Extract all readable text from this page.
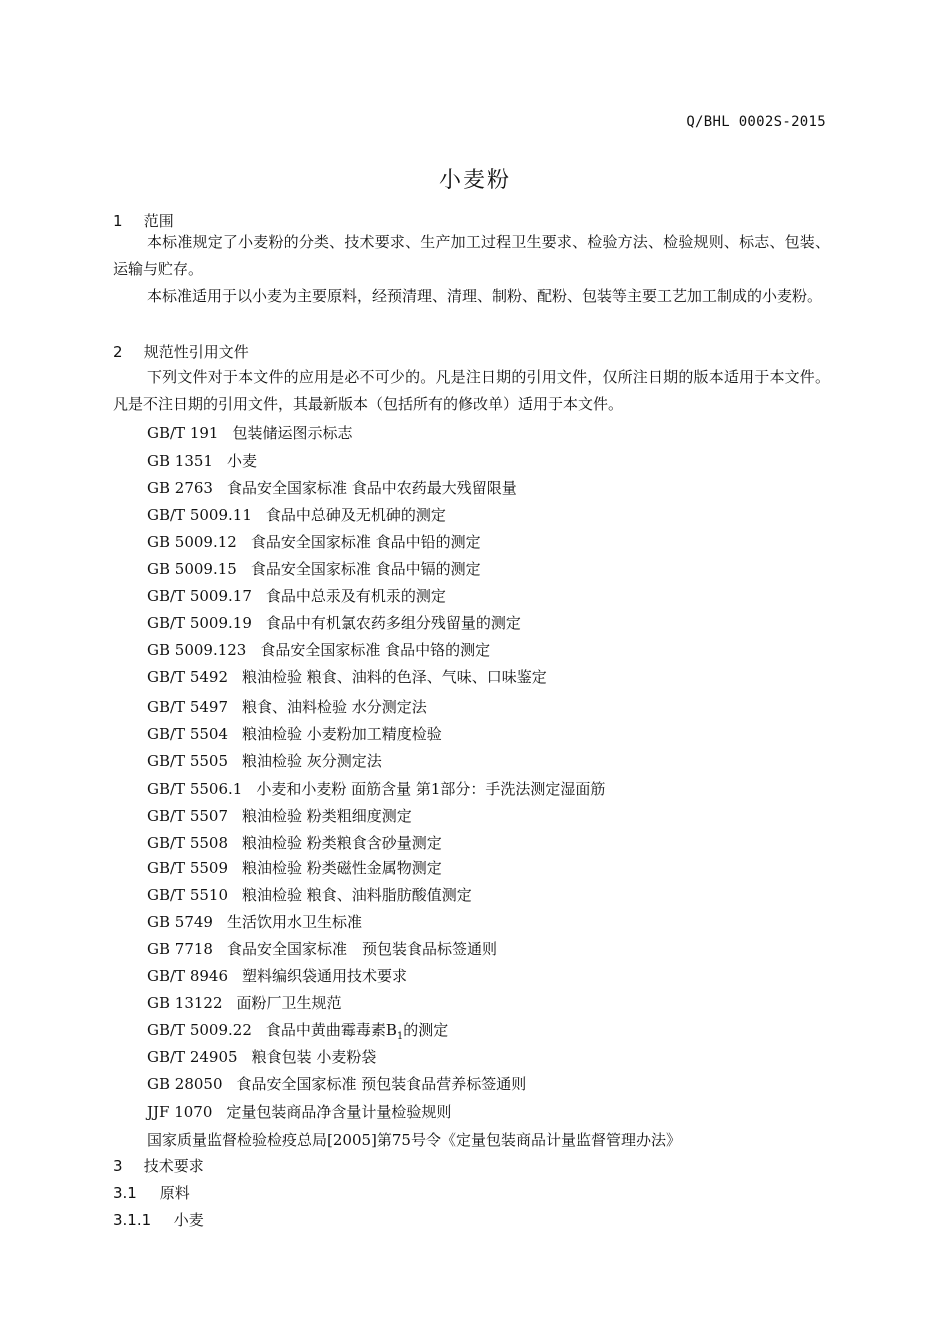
Q/BHL 0002S-2015
小麦粉
1 范围
本标准规定了小麦粉的分类、技术要求、生产加工过程卫生要求、检验方法、检验规则、标志、包装、运输与贮存。
本标准适用于以小麦为主要原料，经预清理、清理、制粉、配粉、包装等主要工艺加工制成的小麦粉。
2 规范性引用文件
下列文件对于本文件的应用是必不可少的。凡是注日期的引用文件，仅所注日期的版本适用于本文件。凡是不注日期的引用文件，其最新版本（包括所有的修改单）适用于本文件。
GB/T 191 包装储运图示标志
GB 1351 小麦
GB 2763 食品安全国家标准 食品中农药最大残留限量
GB/T 5009.11 食品中总砷及无机砷的测定
GB 5009.12 食品安全国家标准 食品中铅的测定
GB 5009.15 食品安全国家标准 食品中镉的测定
GB/T 5009.17 食品中总汞及有机汞的测定
GB/T 5009.19 食品中有机氯农药多组分残留量的测定
GB 5009.123 食品安全国家标准 食品中铬的测定
GB/T 5492 粮油检验 粮食、油料的色泽、气味、口味鉴定
GB/T 5497 粮食、油料检验 水分测定法
GB/T 5504 粮油检验 小麦粉加工精度检验
GB/T 5505 粮油检验 灰分测定法
GB/T 5506.1 小麦和小麦粉 面筋含量 第1部分：手洗法测定湿面筋
GB/T 5507 粮油检验 粉类粗细度测定
GB/T 5508 粮油检验 粉类粮食含砂量测定
GB/T 5509 粮油检验 粉类磁性金属物测定
GB/T 5510 粮油检验 粮食、油料脂肪酸值测定
GB 5749 生活饮用水卫生标准
GB 7718 食品安全国家标准　预包装食品标签通则
GB/T 8946 塑料编织袋通用技术要求
GB 13122 面粉厂卫生规范
GB/T 5009.22 食品中黄曲霉毒素$B_1$的测定
GB/T 24905 粮食包装 小麦粉袋
GB 28050 食品安全国家标准 预包装食品营养标签通则
JJF 1070 定量包装商品净含量计量检验规则
国家质量监督检验检疫总局[2005]第75号令《定量包装商品计量监督管理办法》
3 技术要求
3.1 原料
3.1.1 小麦
